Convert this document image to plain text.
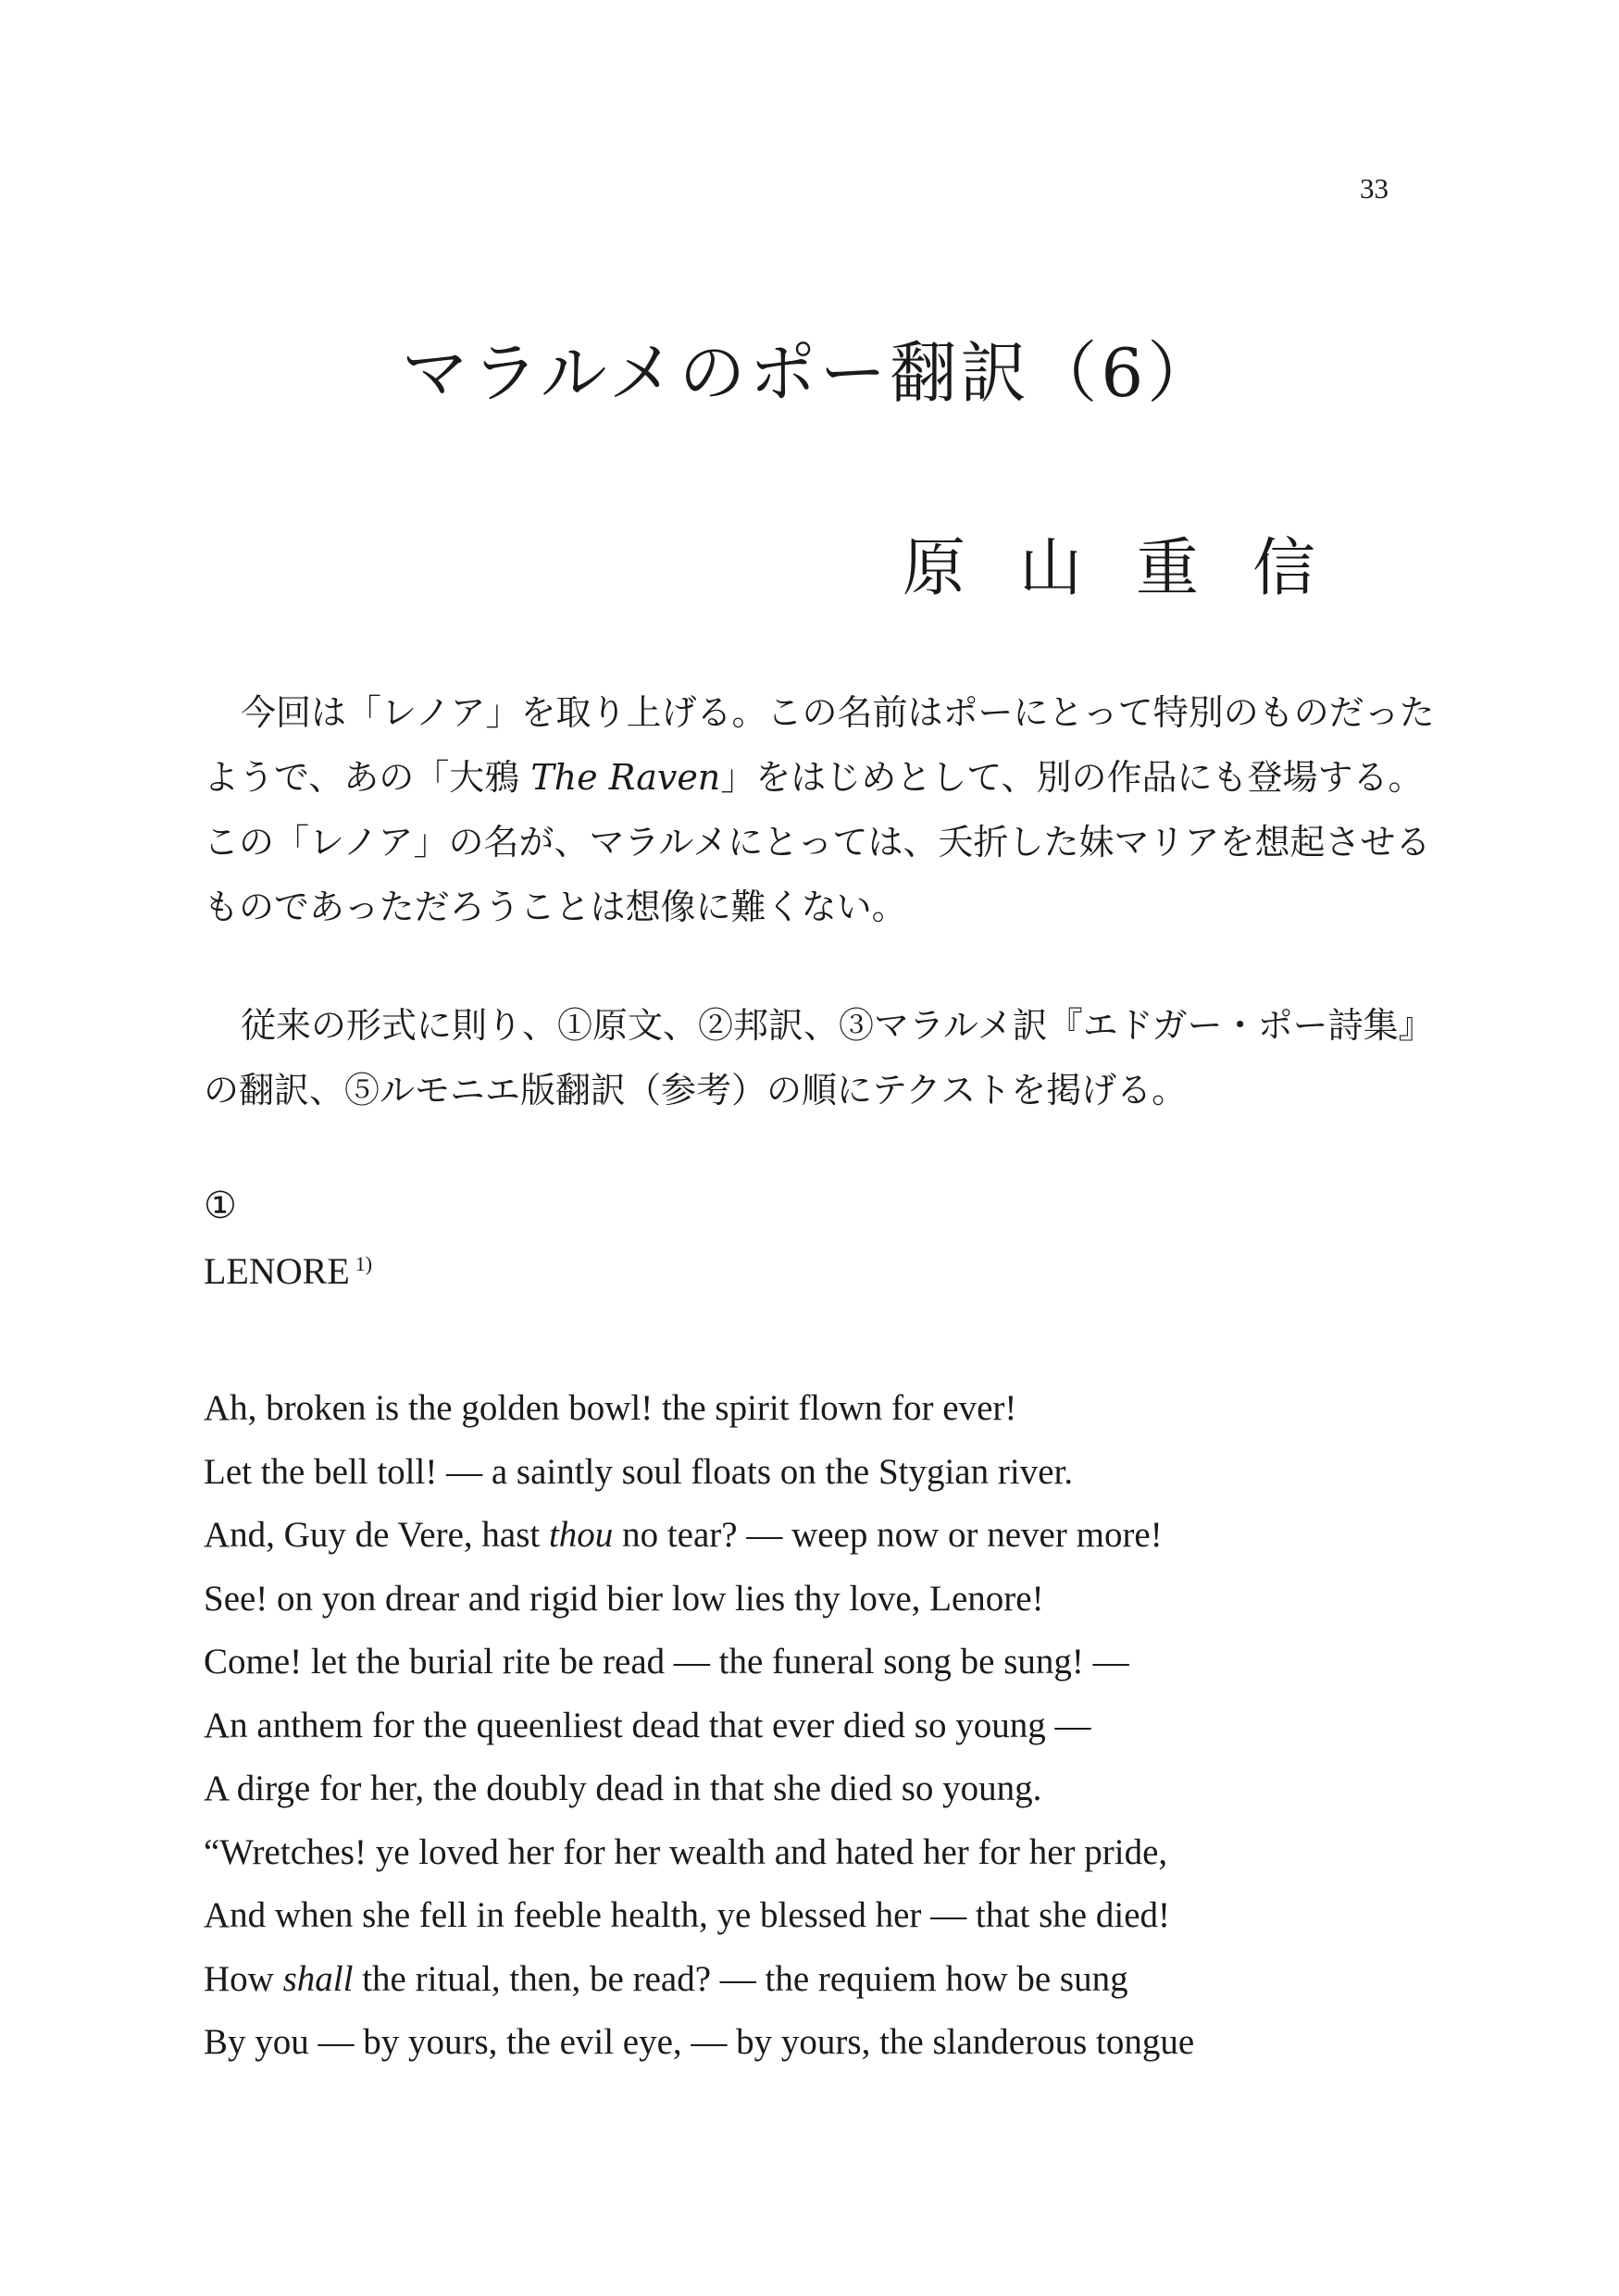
33
マラルメのポー翻訳（6）
原山重信

今回は「レノア」を取り上げる。この名前はポーにとって特別のものだったようで、あの「大鴉 The Raven」をはじめとして、別の作品にも登場する。この「レノア」の名が、マラルメにとっては、夭折した妹マリアを想起させるものであっただろうことは想像に難くない。

従来の形式に則り、①原文、②邦訳、③マラルメ訳『エドガー・ポー詩集』の翻訳、⑤ルモニエ版翻訳（参考）の順にテクストを掲げる。

①
LENORE $^{1)}$
Ah, broken is the golden bowl! the spirit flown for ever!
Let the bell toll! — a saintly soul floats on the Stygian river.
And, Guy de Vere, hast thou no tear? — weep now or never more!
See! on yon drear and rigid bier low lies thy love, Lenore!
Come! let the burial rite be read — the funeral song be sung! —
An anthem for the queenliest dead that ever died so young —
A dirge for her, the doubly dead in that she died so young.
“Wretches! ye loved her for her wealth and hated her for her pride,
And when she fell in feeble health, ye blessed her — that she died!
How shall the ritual, then, be read? — the requiem how be sung
By you — by yours, the evil eye, — by yours, the slanderous tongue
